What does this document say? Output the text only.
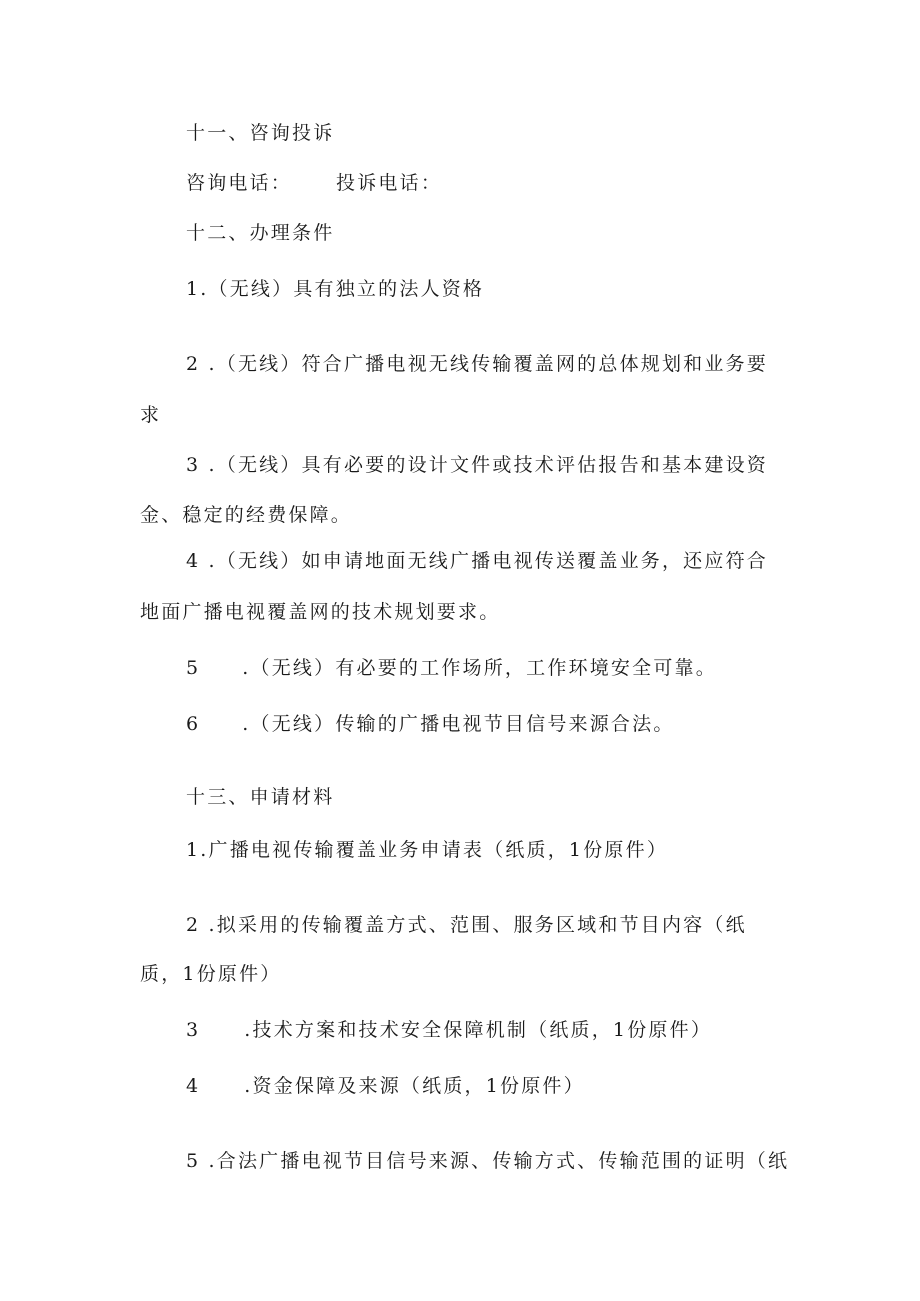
十一、咨询投诉

咨询电话： 投诉电话：

十二、办理条件

1.（无线）具有独立的法人资格

2 .（无线）符合广播电视无线传输覆盖网的总体规划和业务要

求

3 .（无线）具有必要的设计文件或技术评估报告和基本建设资

金、稳定的经费保障。

4 .（无线）如申请地面无线广播电视传送覆盖业务，还应符合

地面广播电视覆盖网的技术规划要求。

5 .（无线）有必要的工作场所，工作环境安全可靠。

6 .（无线）传输的广播电视节目信号来源合法。

十三、申请材料

1.广播电视传输覆盖业务申请表（纸质，1份原件）

2 .拟采用的传输覆盖方式、范围、服务区域和节目内容（纸

质，1份原件）

3 .技术方案和技术安全保障机制（纸质，1份原件）

4 .资金保障及来源（纸质，1份原件）

5 .合法广播电视节目信号来源、传输方式、传输范围的证明（纸
